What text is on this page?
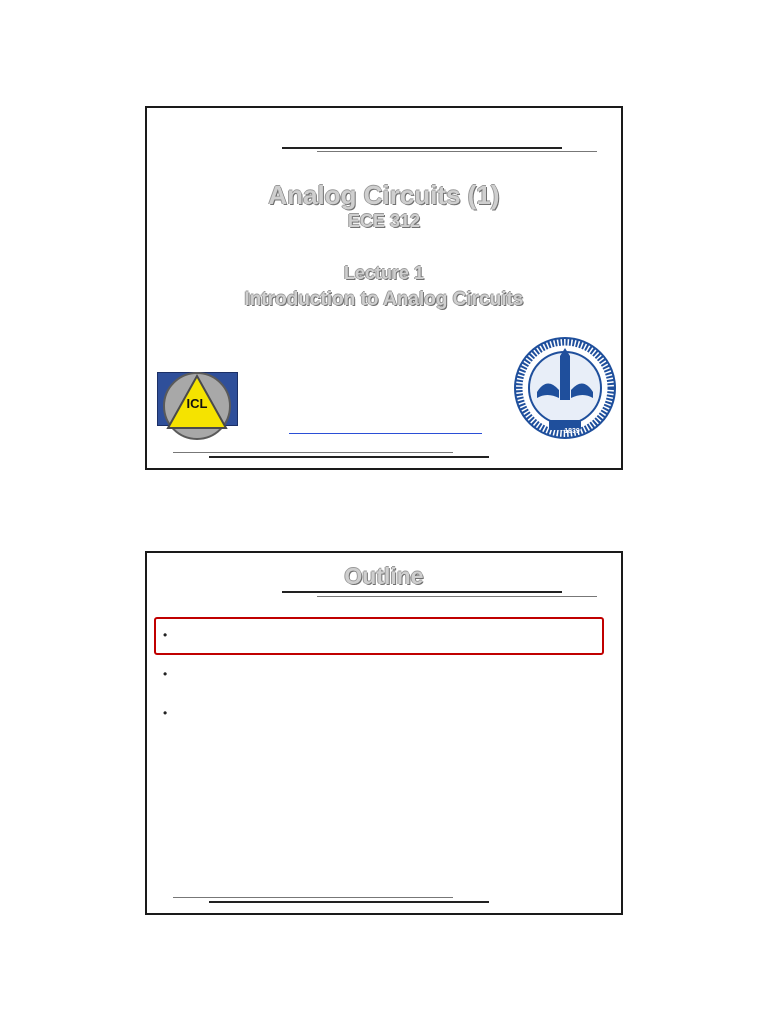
Analog Circuits (1)
ECE 312
Lecture 1
Introduction to Analog Circuits
ICL
1839
Outline
•
•
•
